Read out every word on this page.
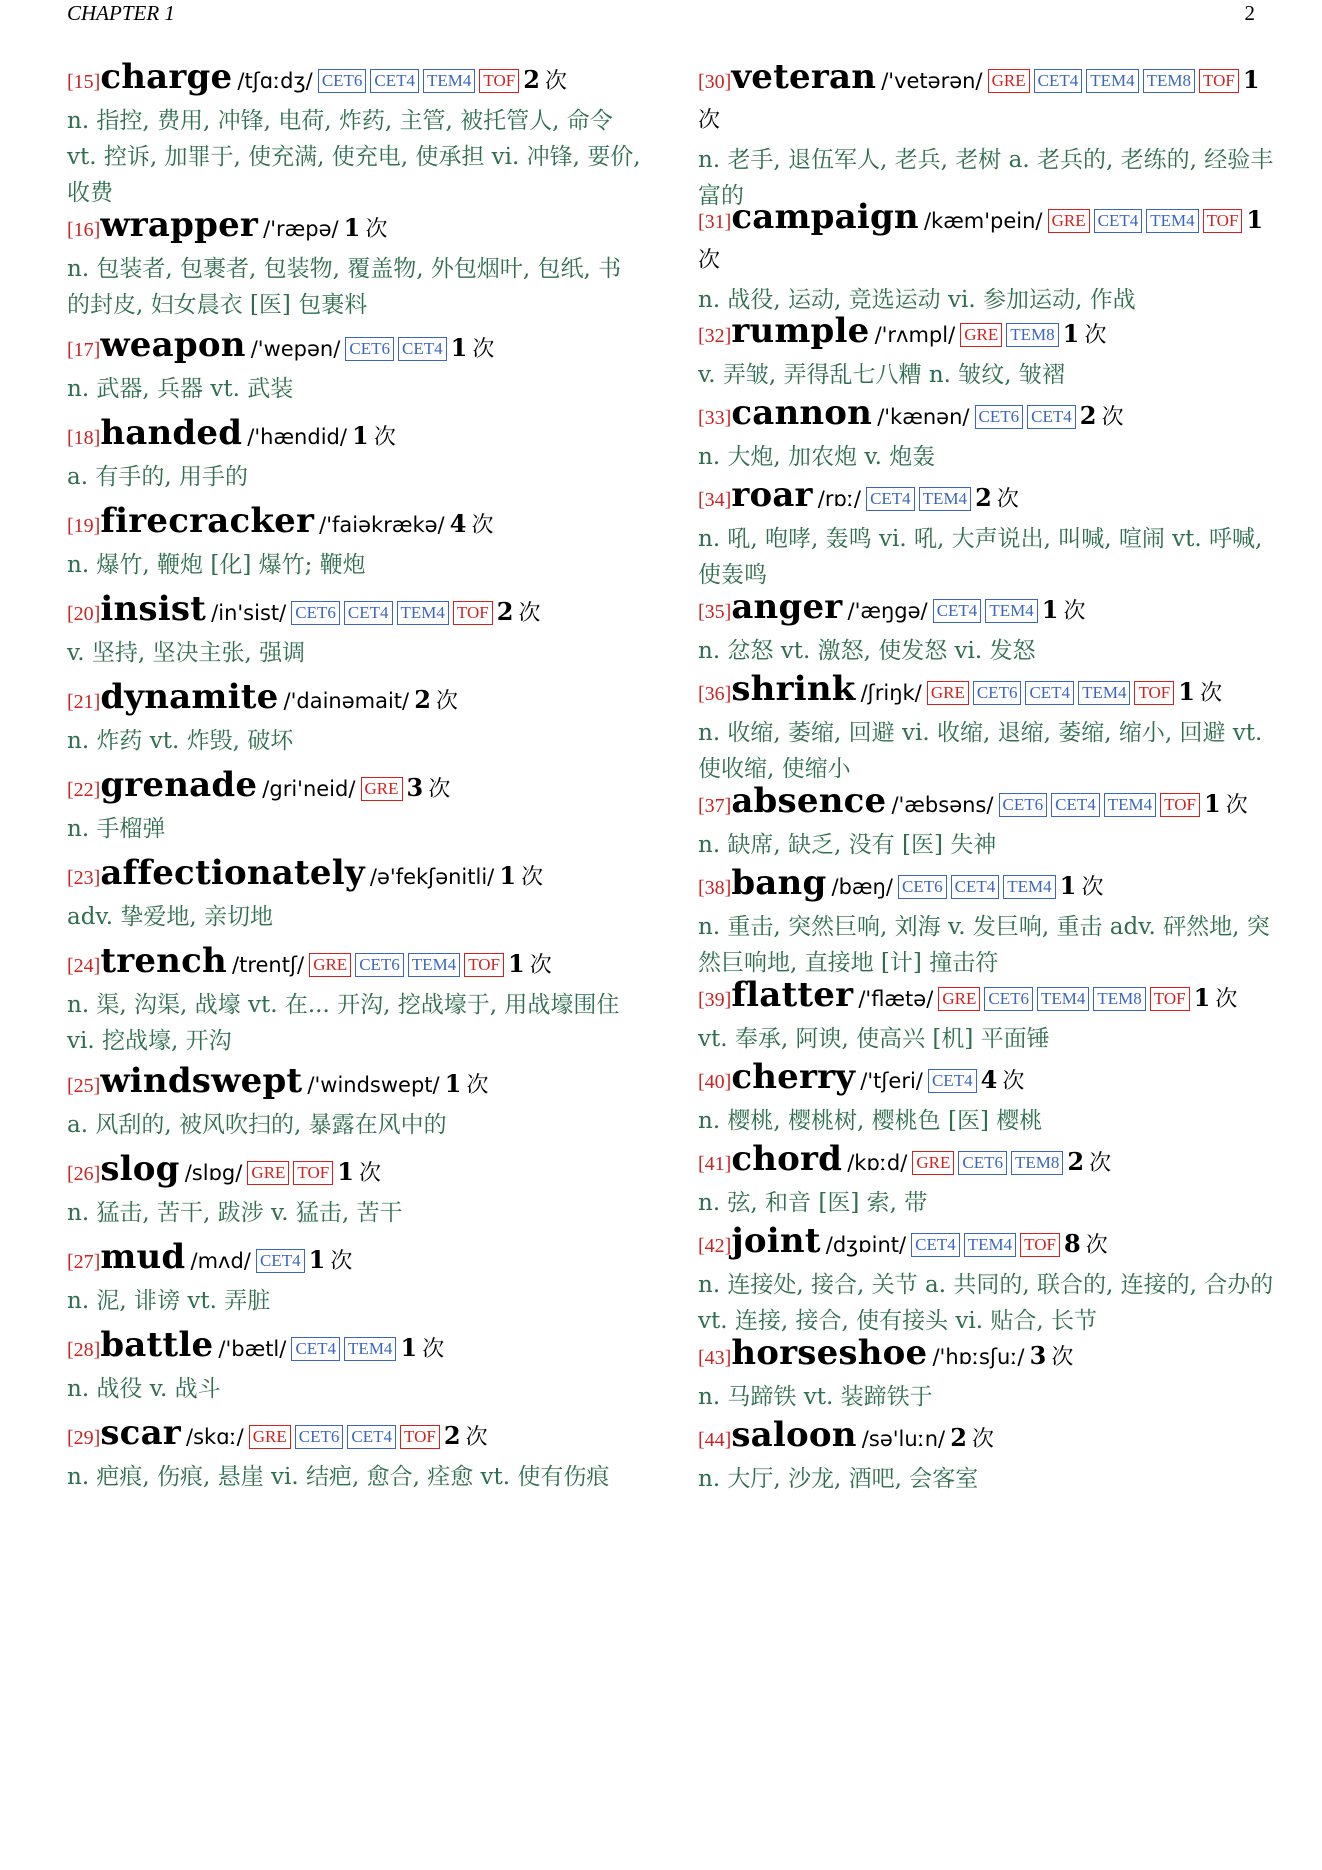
CHAPTER 1	2
[15]charge /tʃɑːdʒ/ CET6 CET4 TEM4 TOF 2 次
n. 指控, 费用, 冲锋, 电荷, 炸药, 主管, 被托管人, 命令 vt. 控诉, 加罪于, 使充满, 使充电, 使承担 vi. 冲锋, 要价, 收费
[16]wrapper /'ræpə/ 1 次
n. 包装者, 包裹者, 包装物, 覆盖物, 外包烟叶, 包纸, 书的封皮, 妇女晨衣 [医] 包裹料
[17]weapon /'wepən/ CET6 CET4 1 次
n. 武器, 兵器 vt. 武装
[18]handed /'hændid/ 1 次
a. 有手的, 用手的
[19]firecracker /'faiəkrækə/ 4 次
n. 爆竹, 鞭炮 [化] 爆竹; 鞭炮
[20]insist /in'sist/ CET6 CET4 TEM4 TOF 2 次
v. 坚持, 坚决主张, 强调
[21]dynamite /'dainəmait/ 2 次
n. 炸药 vt. 炸毁, 破坏
[22]grenade /gri'neid/ GRE 3 次
n. 手榴弹
[23]affectionately /ə'fekʃənitli/ 1 次
adv. 挚爱地, 亲切地
[24]trench /trentʃ/ GRE CET6 TEM4 TOF 1 次
n. 渠, 沟渠, 战壕 vt. 在... 开沟, 挖战壕于, 用战壕围住 vi. 挖战壕, 开沟
[25]windswept /'windswept/ 1 次
a. 风刮的, 被风吹扫的, 暴露在风中的
[26]slog /slɒg/ GRE TOF 1 次
n. 猛击, 苦干, 跋涉 v. 猛击, 苦干
[27]mud /mʌd/ CET4 1 次
n. 泥, 诽谤 vt. 弄脏
[28]battle /'bætl/ CET4 TEM4 1 次
n. 战役 v. 战斗
[29]scar /skɑː/ GRE CET6 CET4 TOF 2 次
n. 疤痕, 伤痕, 悬崖 vi. 结疤, 愈合, 痊愈 vt. 使有伤痕
[30]veteran /'vetərən/ GRE CET4 TEM4 TEM8 TOF 1 次
n. 老手, 退伍军人, 老兵, 老树 a. 老兵的, 老练的, 经验丰富的
[31]campaign /kæm'pein/ GRE CET4 TEM4 TOF 1 次
n. 战役, 运动, 竞选运动 vi. 参加运动, 作战
[32]rumple /'rʌmpl/ GRE TEM8 1 次
v. 弄皱, 弄得乱七八糟 n. 皱纹, 皱褶
[33]cannon /'kænən/ CET6 CET4 2 次
n. 大炮, 加农炮 v. 炮轰
[34]roar /rɒː/ CET4 TEM4 2 次
n. 吼, 咆哮, 轰鸣 vi. 吼, 大声说出, 叫喊, 喧闹 vt. 呼喊, 使轰鸣
[35]anger /'æŋgə/ CET4 TEM4 1 次
n. 忿怒 vt. 激怒, 使发怒 vi. 发怒
[36]shrink /ʃriŋk/ GRE CET6 CET4 TEM4 TOF 1 次
n. 收缩, 萎缩, 回避 vi. 收缩, 退缩, 萎缩, 缩小, 回避 vt. 使收缩, 使缩小
[37]absence /'æbsəns/ CET6 CET4 TEM4 TOF 1 次
n. 缺席, 缺乏, 没有 [医] 失神
[38]bang /bæŋ/ CET6 CET4 TEM4 1 次
n. 重击, 突然巨响, 刘海 v. 发巨响, 重击 adv. 砰然地, 突然巨响地, 直接地 [计] 撞击符
[39]flatter /'flætə/ GRE CET6 TEM4 TEM8 TOF 1 次
vt. 奉承, 阿谀, 使高兴 [机] 平面锤
[40]cherry /'tʃeri/ CET4 4 次
n. 樱桃, 樱桃树, 樱桃色 [医] 樱桃
[41]chord /kɒːd/ GRE CET6 TEM8 2 次
n. 弦, 和音 [医] 索, 带
[42]joint /dʒɒint/ CET4 TEM4 TOF 8 次
n. 连接处, 接合, 关节 a. 共同的, 联合的, 连接的, 合办的 vt. 连接, 接合, 使有接头 vi. 贴合, 长节
[43]horseshoe /'hɒːsʃuː/ 3 次
n. 马蹄铁 vt. 装蹄铁于
[44]saloon /sə'luːn/ 2 次
n. 大厅, 沙龙, 酒吧, 会客室
